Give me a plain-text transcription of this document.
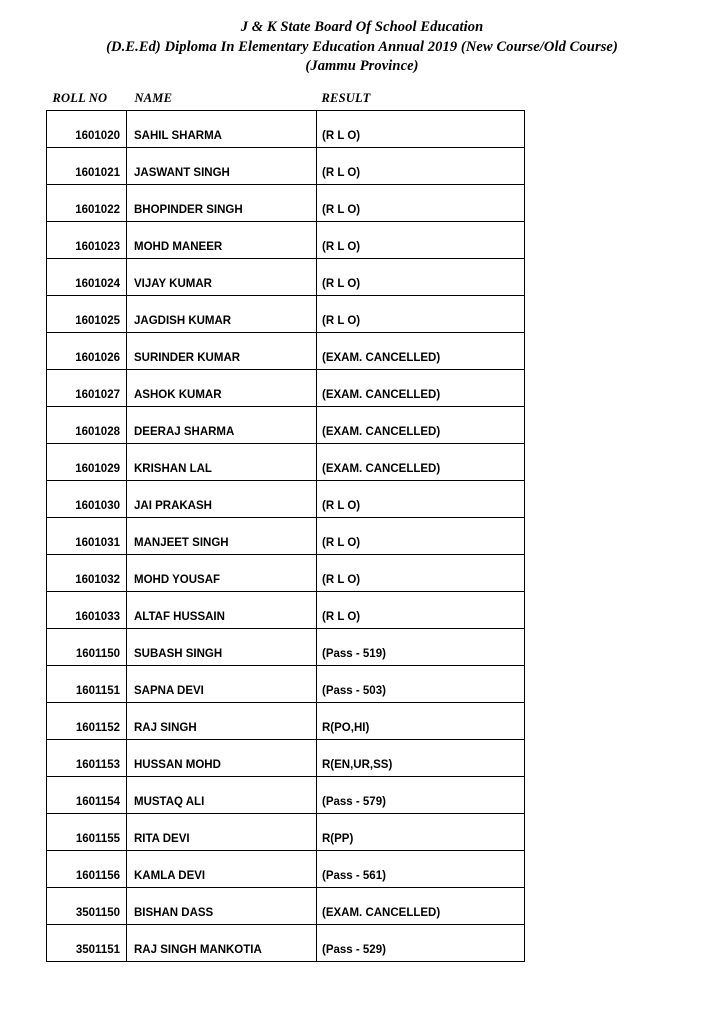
J & K State Board Of School Education
(D.E.Ed) Diploma In Elementary Education Annual 2019 (New Course/Old Course)
(Jammu Province)
ROLL NO	NAME	RESULT
1601020	SAHIL SHARMA	(R L O)
1601021	JASWANT SINGH	(R L O)
1601022	BHOPINDER SINGH	(R L O)
1601023	MOHD MANEER	(R L O)
1601024	VIJAY KUMAR	(R L O)
1601025	JAGDISH KUMAR	(R L O)
1601026	SURINDER KUMAR	(EXAM. CANCELLED)
1601027	ASHOK KUMAR	(EXAM. CANCELLED)
1601028	DEERAJ SHARMA	(EXAM. CANCELLED)
1601029	KRISHAN LAL	(EXAM. CANCELLED)
1601030	JAI PRAKASH	(R L O)
1601031	MANJEET SINGH	(R L O)
1601032	MOHD YOUSAF	(R L O)
1601033	ALTAF HUSSAIN	(R L O)
1601150	SUBASH SINGH	(Pass - 519)
1601151	SAPNA DEVI	(Pass - 503)
1601152	RAJ SINGH	R(PO,HI)
1601153	HUSSAN MOHD	R(EN,UR,SS)
1601154	MUSTAQ ALI	(Pass - 579)
1601155	RITA DEVI	R(PP)
1601156	KAMLA DEVI	(Pass - 561)
3501150	BISHAN DASS	(EXAM. CANCELLED)
3501151	RAJ SINGH MANKOTIA	(Pass - 529)
